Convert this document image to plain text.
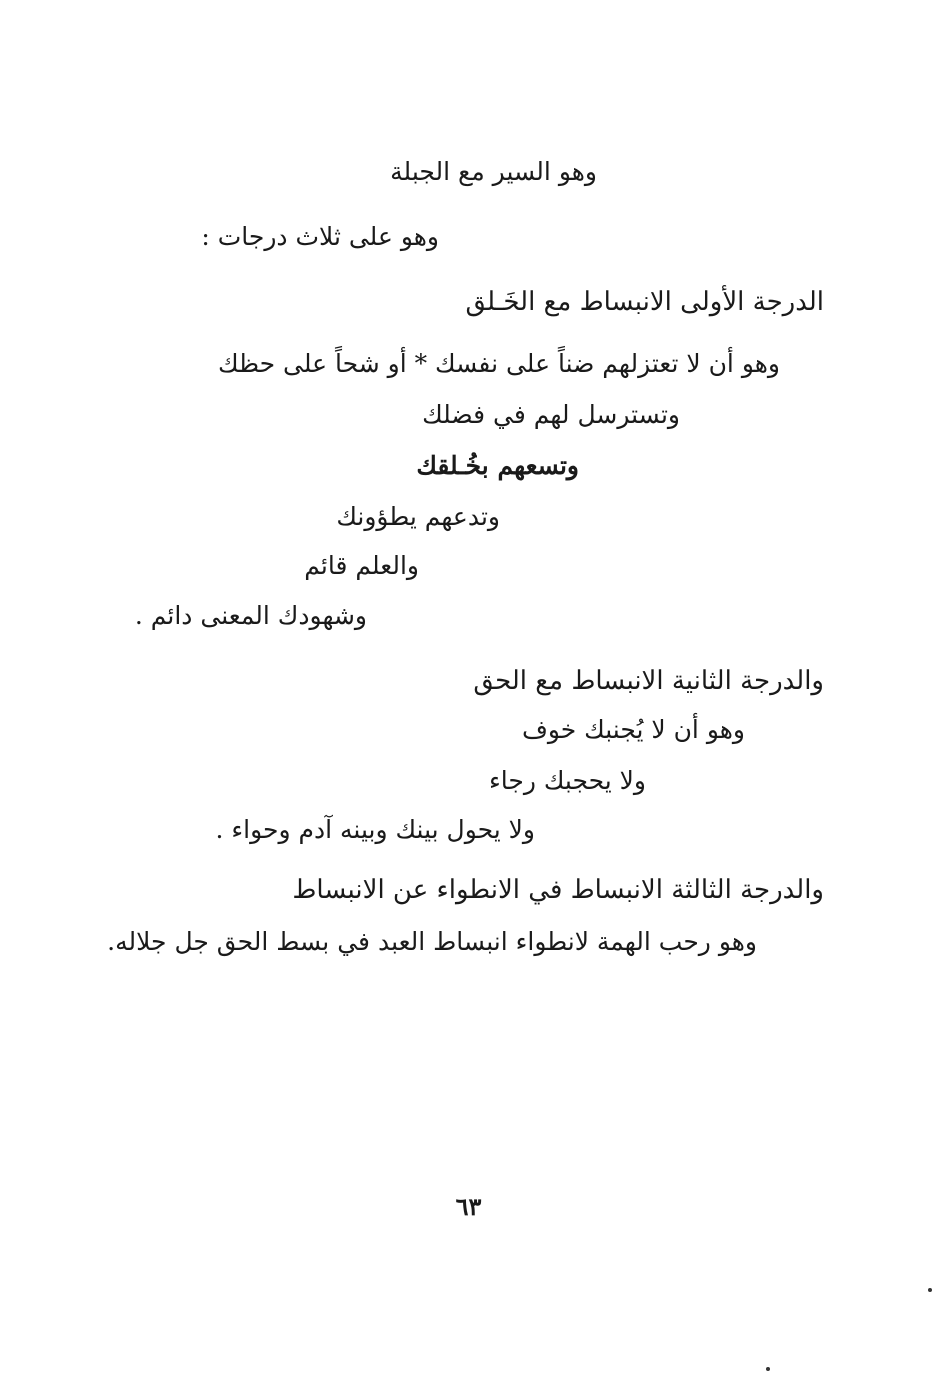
وهو السير مع الجبلة
وهو على ثلاث درجات :
الدرجة الأولى الانبساط مع الخَـلق
وهو أن لا تعتزلهم ضناً على نفسك * أو شحاً على حظك
وتسترسل لهم في فضلك
وتسعهم بخُـلقك
وتدعهم يطؤونك
والعلم قائم
وشهودك المعنى دائم .
والدرجة الثانية الانبساط مع الحق
وهو أن لا يُجنبك خوف
ولا يحجبك رجاء
ولا يحول بينك وبينه آدم وحواء .
والدرجة الثالثة الانبساط في الانطواء عن الانبساط
وهو رحب الهمة لانطواء انبساط العبد في بسط الحق جل جلاله.
٦٣
